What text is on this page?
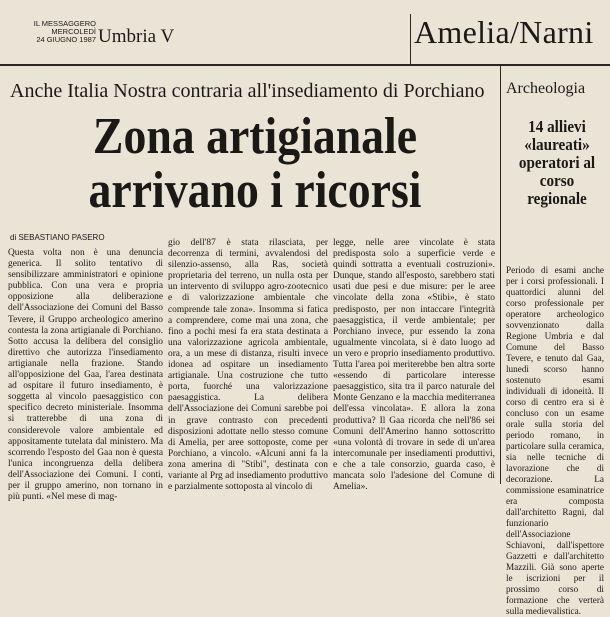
IL MESSAGGERO
MERCOLEDÌ
24 GIUGNO 1987 Umbria V	Amelia/Narni
Anche Italia Nostra contraria all'insediamento di Porchiano
Zona artigianale
arrivano i ricorsi
di SEBASTIANO PASERO

Questa volta non è una denuncia generica. Il solito tentativo di sensibilizzare amministratori e opinione pubblica. Con una vera e propria opposizione alla deliberazione dell'Associazione dei Comuni del Basso Tevere, il Gruppo archeologico amerino contesta la zona artigianale di Porchiano. Sotto accusa la delibera del consiglio direttivo che autorizza l'insediamento artigianale nella frazione. Stando all'opposizione del Gaa, l'area destinata ad ospitare il futuro insediamento, è soggetta al vincolo paesaggistico con specifico decreto ministeriale. Insomma si tratterebbe di una zona di considerevole valore ambientale ed appositamente tutelata dal ministero. Ma scorrendo l'esposto del Gaa non è questa l'unica incongruenza della delibera dell'Associazione dei Comuni. I conti, per il gruppo amerino, non tornano in più punti. «Nel mese di mag-

gio dell'87 è stata rilasciata, per decorrenza di termini, avvalendosi del silenzio-assenso, alla Ras, società proprietaria del terreno, un nulla osta per un intervento di sviluppo agro-zootecnico e di valorizzazione ambientale che comprende tale zona». Insomma si fatica a comprendere, come mai una zona, che fino a pochi mesi fa era stata destinata a una valorizzazione agricola ambientale, ora, a un mese di distanza, risulti invece idonea ad ospitare un insediamento artigianale. Una costruzione che tutto porta, fuorché una valorizzazione paesaggistica. La delibera dell'Associazione dei Comuni sarebbe poi in grave contrasto con precedenti disposizioni adottate nello stesso comune di Amelia, per aree sottoposte, come per Porchiano, a vincolo. «Alcuni anni fa la zona amerina di "Stibi", destinata con variante al Prg ad insediamento produttivo e parzialmente sottoposta al vincolo di

legge, nelle aree vincolate è stata predisposta solo a superficie verde e quindi sottratta a eventuali costruzioni». Dunque, stando all'esposto, sarebbero stati usati due pesi e due misure: per le aree vincolate della zona «Stibi», è stato predisposto, per non intaccare l'integrità paesaggistica, il verde ambientale; per Porchiano invece, pur essendo la zona ugualmente vincolata, si è dato luogo ad un vero e proprio insediamento produttivo. Tutta l'area poi meriterebbe ben altra sorte «essendo di particolare interesse paesaggistico, sita tra il parco naturale del Monte Genzano e la macchia mediterranea dell'essa vincolata». E allora la zona produttiva? Il Gaa ricorda che nell'86 sei Comuni dell'Amerino hanno sottoscritto «una volontà di trovare in sede di un'area intercomunale per insediamenti produttivi, e che a tale consorzio, guarda caso, è mancata solo l'adesione del Comune di Amelia».

Archeologia
14 allievi «laureati» operatori al corso regionale

Periodo di esami anche per i corsi professionali. I quattordici alunni del corso professionale per operatore archeologico sovvenzionato dalla Regione Umbria e dal Comune del Basso Tevere, e tenuto dal Gaa, lunedì scorso hanno sostenuto esami individuali di idoneità. Il corso di centro era si è concluso con un esame orale sulla storia del periodo romano, in particolare sulla ceramica, sia nelle tecniche di lavorazione che di decorazione. La commissione esaminatrice era composta dall'architetto Ragni, dal funzionario dell'Associazione Schiavoni, dall'ispettore Gazzetti e dall'architetto Mazzili. Già sono aperte le iscrizioni per il prossimo corso di formazione che verterà sulla medievalistica.
